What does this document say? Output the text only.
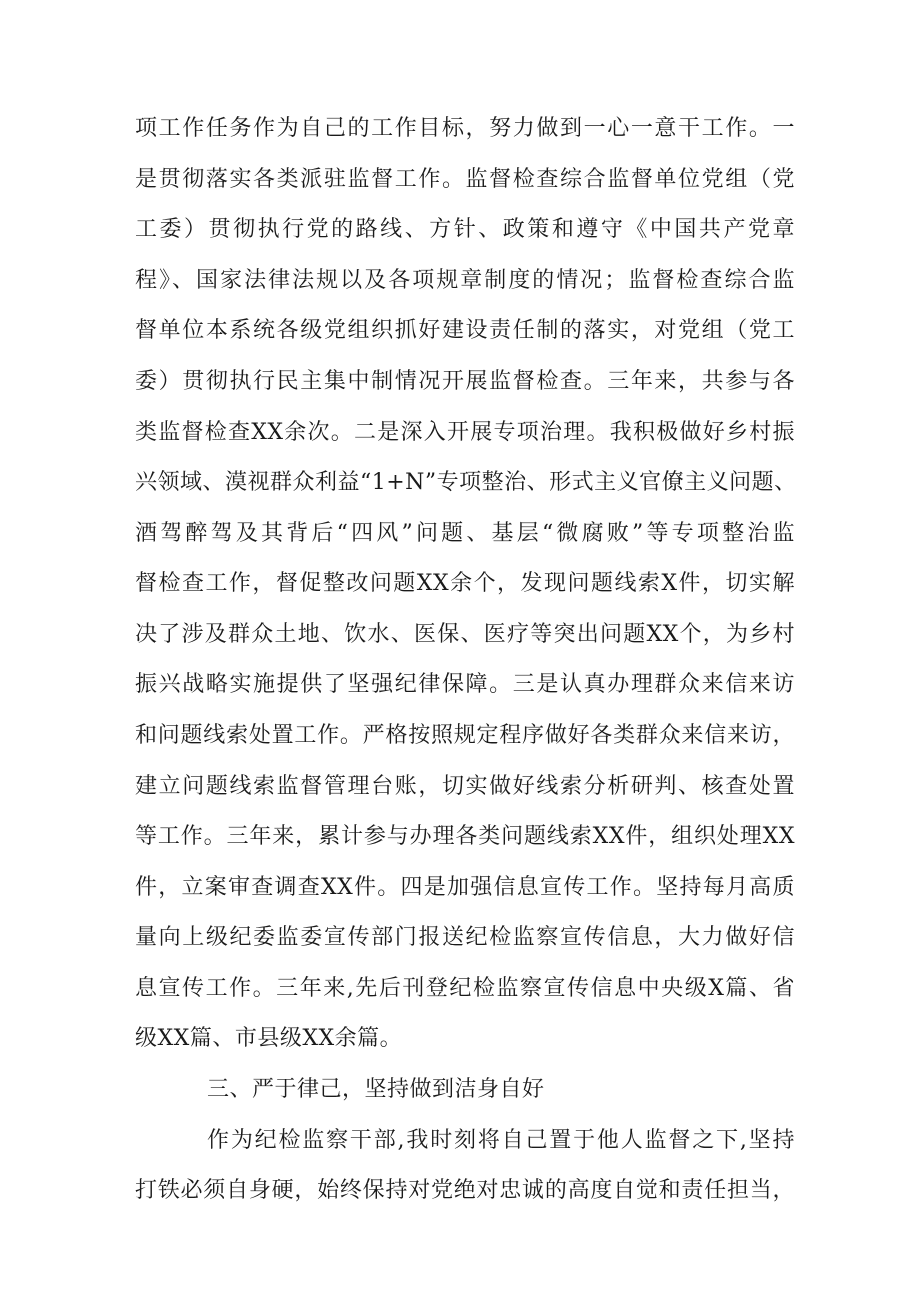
项工作任务作为自己的工作目标，努力做到一心一意干工作。一
是贯彻落实各类派驻监督工作。监督检查综合监督单位党组（党
工委）贯彻执行党的路线、方针、政策和遵守《中国共产党章
程》、国家法律法规以及各项规章制度的情况；监督检查综合监
督单位本系统各级党组织抓好建设责任制的落实，对党组（党工
委）贯彻执行民主集中制情况开展监督检查。三年来，共参与各
类监督检查XX余次。二是深入开展专项治理。我积极做好乡村振
兴领域、漠视群众利益“1+N”专项整治、形式主义官僚主义问题、
酒驾醉驾及其背后“四风”问题、基层“微腐败”等专项整治监
督检查工作，督促整改问题XX余个，发现问题线索X件，切实解
决了涉及群众土地、饮水、医保、医疗等突出问题XX个，为乡村
振兴战略实施提供了坚强纪律保障。三是认真办理群众来信来访
和问题线索处置工作。严格按照规定程序做好各类群众来信来访，
建立问题线索监督管理台账，切实做好线索分析研判、核查处置
等工作。三年来，累计参与办理各类问题线索XX件，组织处理XX
件，立案审查调查XX件。四是加强信息宣传工作。坚持每月高质
量向上级纪委监委宣传部门报送纪检监察宣传信息，大力做好信
息宣传工作。三年来,先后刊登纪检监察宣传信息中央级X篇、省
级XX篇、市县级XX余篇。
三、严于律己，坚持做到洁身自好
作为纪检监察干部,我时刻将自己置于他人监督之下,坚持
打铁必须自身硬，始终保持对党绝对忠诚的高度自觉和责任担当，
